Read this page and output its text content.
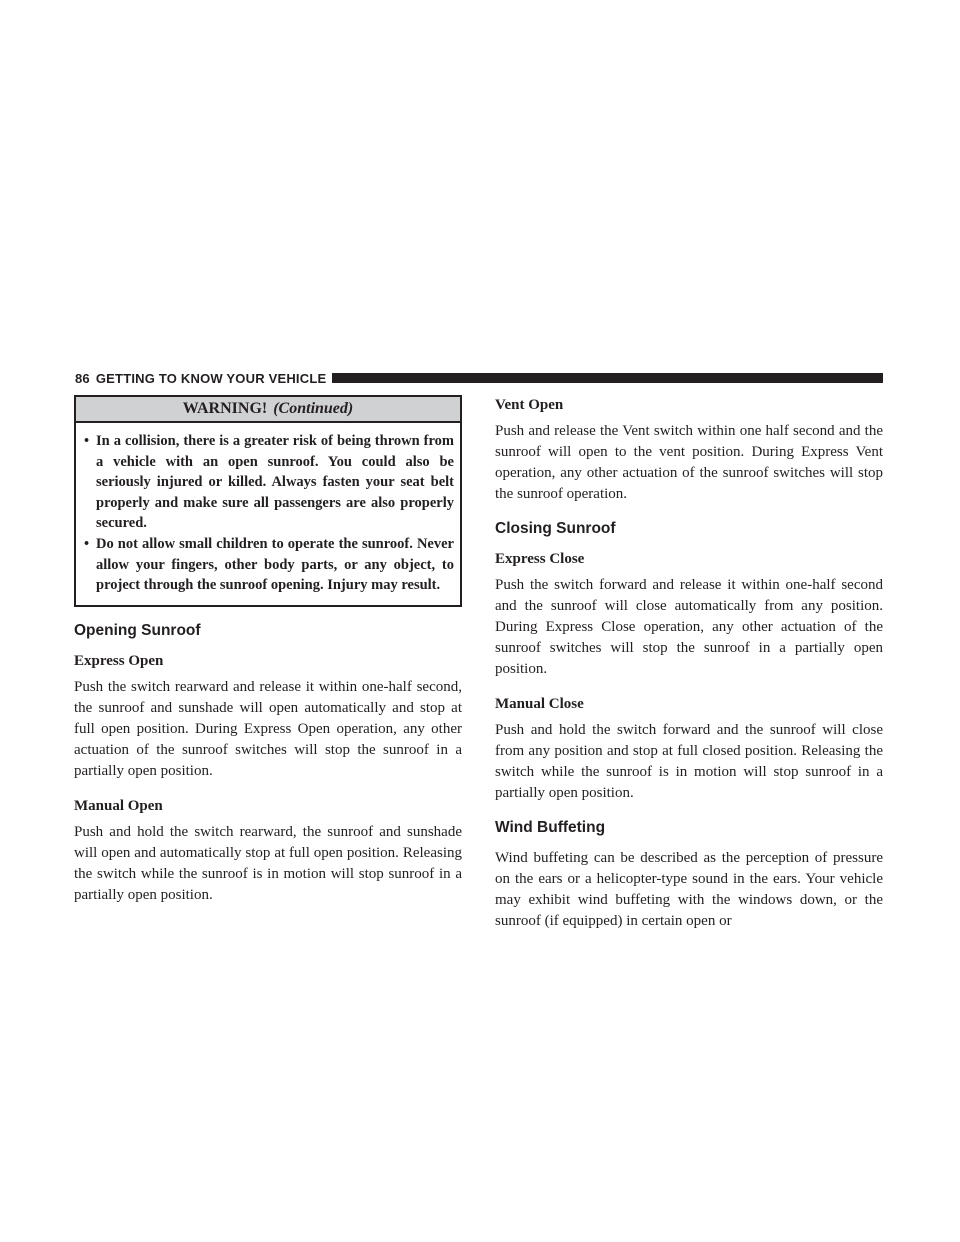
86 GETTING TO KNOW YOUR VEHICLE
WARNING! (Continued)
• In a collision, there is a greater risk of being thrown from a vehicle with an open sunroof. You could also be seriously injured or killed. Always fasten your seat belt properly and make sure all passengers are also properly secured.
• Do not allow small children to operate the sunroof. Never allow your fingers, other body parts, or any object, to project through the sunroof opening. Injury may result.
Opening Sunroof
Express Open

Push the switch rearward and release it within one-half second, the sunroof and sunshade will open automatically and stop at full open position. During Express Open operation, any other actuation of the sunroof switches will stop the sunroof in a partially open position.

Manual Open

Push and hold the switch rearward, the sunroof and sunshade will open and automatically stop at full open position. Releasing the switch while the sunroof is in motion will stop sunroof in a partially open position.

Vent Open

Push and release the Vent switch within one half second and the sunroof will open to the vent position. During Express Vent operation, any other actuation of the sunroof switches will stop the sunroof operation.

Closing Sunroof
Express Close

Push the switch forward and release it within one-half second and the sunroof will close automatically from any position. During Express Close operation, any other actuation of the sunroof switches will stop the sunroof in a partially open position.

Manual Close

Push and hold the switch forward and the sunroof will close from any position and stop at full closed position. Releasing the switch while the sunroof is in motion will stop sunroof in a partially open position.

Wind Buffeting

Wind buffeting can be described as the perception of pressure on the ears or a helicopter-type sound in the ears. Your vehicle may exhibit wind buffeting with the windows down, or the sunroof (if equipped) in certain open or
